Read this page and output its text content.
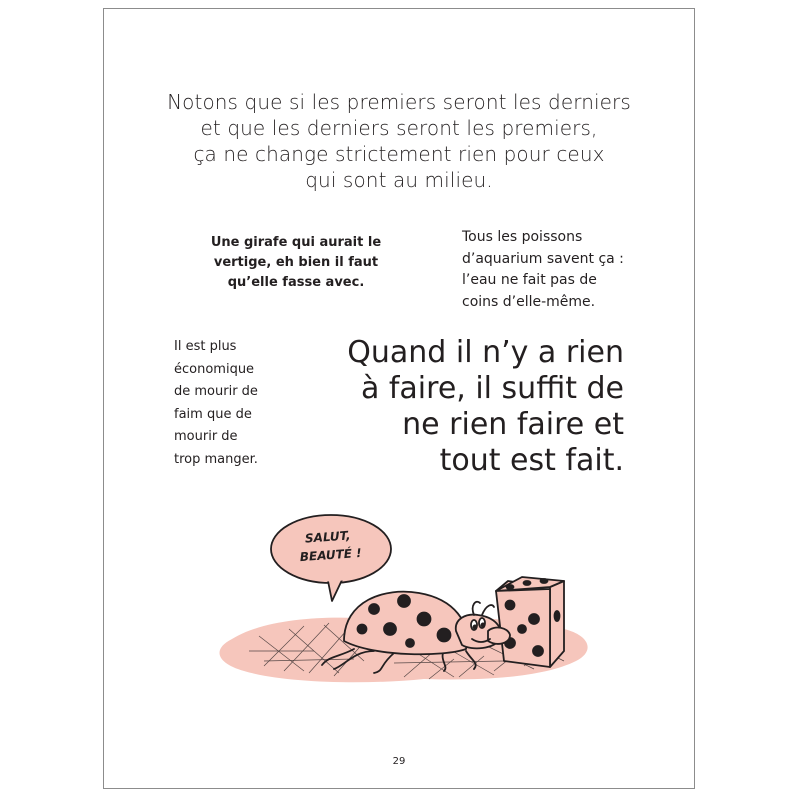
Notons que si les premiers seront les derniers
et que les derniers seront les premiers,
ça ne change strictement rien pour ceux
qui sont au milieu.
Une girafe qui aurait le
vertige, eh bien il faut
qu’elle fasse avec.
Tous les poissons
d’aquarium savent ça :
l’eau ne fait pas de
coins d’elle-même.
Il est plus
économique
de mourir de
faim que de
mourir de
trop manger.
Quand il n’y a rien
à faire, il suffit de
ne rien faire et
tout est fait.
SALUT,
BEAUTÉ !
29
